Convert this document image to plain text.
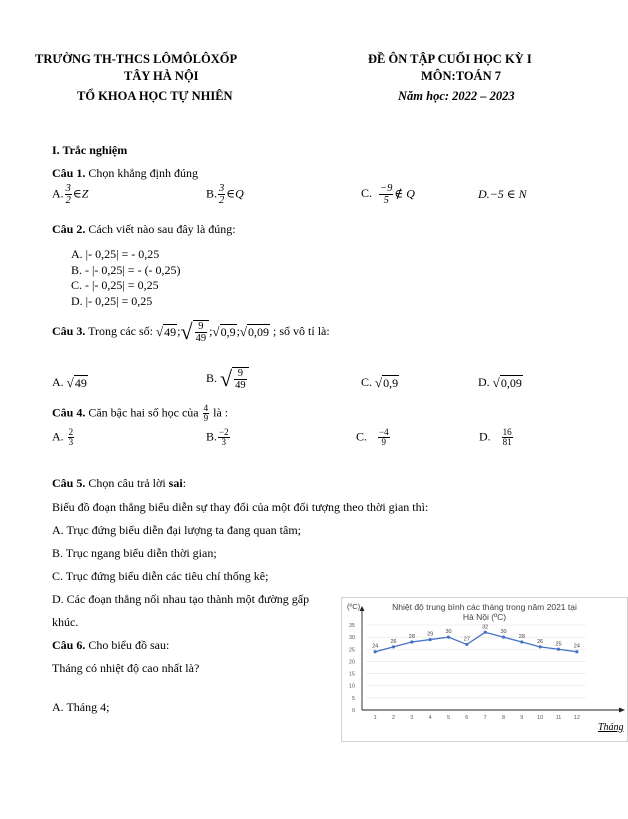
TRƯỜNG TH-THCS LÔMÔLÔXỐP
TÂY HÀ NỘI
TỔ KHOA HỌC TỰ NHIÊN
ĐỀ ÔN TẬP CUỐI HỌC KỲ I
MÔN:TOÁN 7
Năm học: 2022 – 2023
I. Trắc nghiệm
Câu 1. Chọn khẳng định đúng
A. $\frac{3}{2}$ ∈Z	B. $\frac{3}{2}$ ∈Q	C. $\frac{-9}{5}$ ∉ Q	D.−5 ∈ N
Câu 2. Cách viết nào sau đây là đúng:
A. |- 0,25| = - 0,25
B. - |- 0,25| = - (- 0,25)
C. - |- 0,25| = 0,25
D. |- 0,25| = 0,25
Câu 3. Trong các số: √49;√ $\frac{9}{49}$ ;√0,9;√0,09 ; số vô tỉ là:
A. √49	B. √ $\frac{9}{49}$	C. √0,9	D. √0,09
Câu 4. Căn bậc hai số học của $\frac{4}{9}$ là :
A. $\frac{2}{3}$	B. $\frac{-2}{3}$	C. $\frac{-4}{9}$	D. $\frac{16}{81}$
Câu 5. Chọn câu trả lời sai:
Biểu đồ đoạn thẳng biểu diễn sự thay đổi của một đối tượng theo thời gian thì:
A. Trục đứng biểu diễn đại lượng ta đang quan tâm;
B. Trục ngang biểu diễn thời gian;
C. Trục đứng biểu diễn các tiêu chí thống kê;
D. Các đoạn thẳng nối nhau tạo thành một đường gấp
khúc.
Câu 6. Cho biểu đồ sau:
Tháng có nhiệt độ cao nhất là?
A. Tháng 4;
Nhiệt độ trung bình các tháng trong năm 2021 tại
Hà Nội (ºC)
(ºC)
0
5
10
15
20
25
30
35
1	2	3	4	5	6	7	8	9 10 11 12
24
26
28 29 30
27
32
30
28
26 25 24
Tháng
